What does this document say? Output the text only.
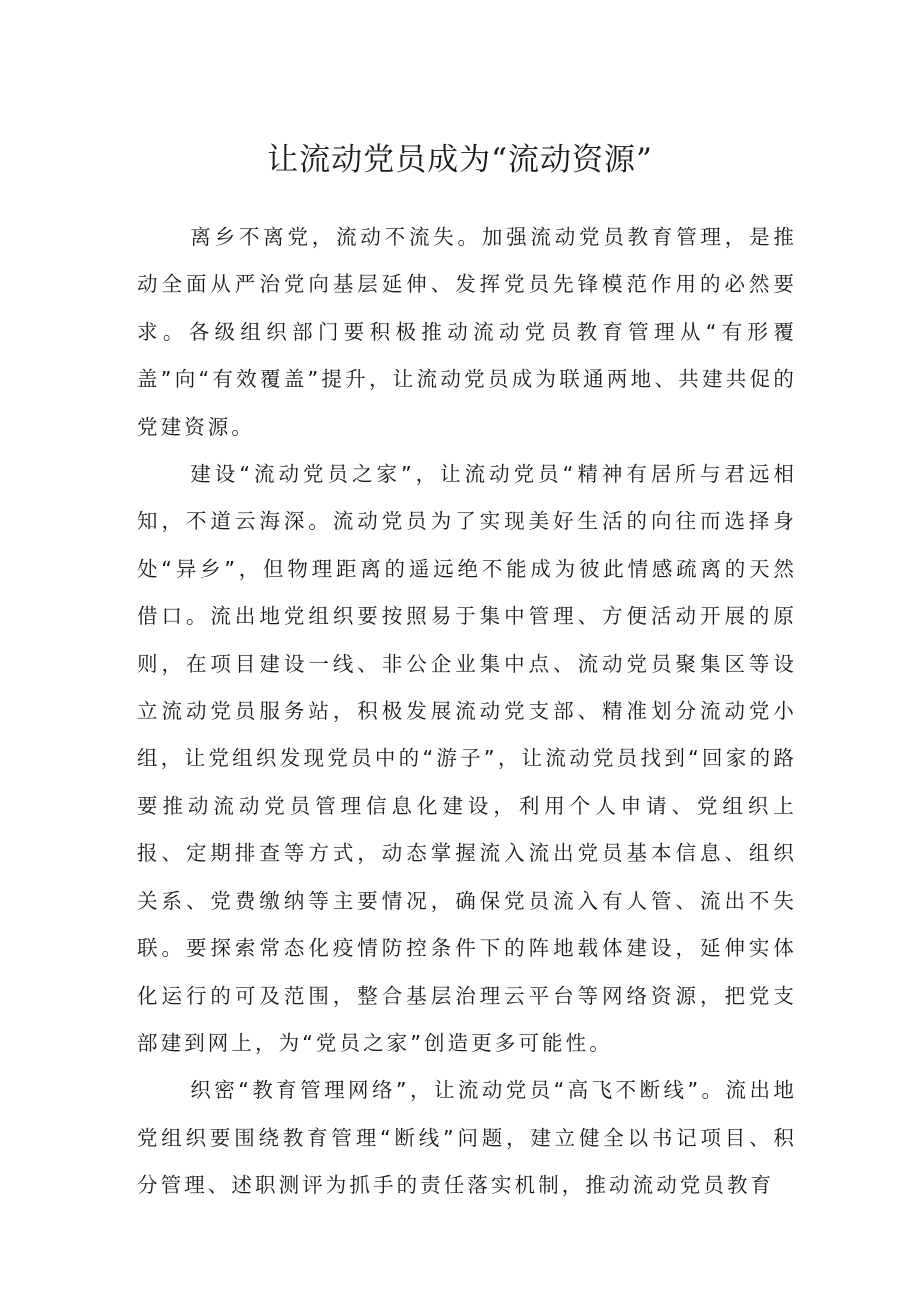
让流动党员成为“流动资源”

离乡不离党，流动不流失。加强流动党员教育管理，是推动全面从严治党向基层延伸、发挥党员先锋模范作用的必然要求。各级组织部门要积极推动流动党员教育管理从“有形覆盖”向“有效覆盖”提升，让流动党员成为联通两地、共建共促的党建资源。

建设“流动党员之家”，让流动党员“精神有居所与君远相知，不道云海深。流动党员为了实现美好生活的向往而选择身处“异乡”，但物理距离的遥远绝不能成为彼此情感疏离的天然借口。流出地党组织要按照易于集中管理、方便活动开展的原则，在项目建设一线、非公企业集中点、流动党员聚集区等设立流动党员服务站，积极发展流动党支部、精准划分流动党小组，让党组织发现党员中的“游子”，让流动党员找到“回家的路要推动流动党员管理信息化建设，利用个人申请、党组织上报、定期排查等方式，动态掌握流入流出党员基本信息、组织关系、党费缴纳等主要情况，确保党员流入有人管、流出不失联。要探索常态化疫情防控条件下的阵地载体建设，延伸实体化运行的可及范围，整合基层治理云平台等网络资源，把党支部建到网上，为“党员之家”创造更多可能性。

织密“教育管理网络”，让流动党员“高飞不断线”。流出地党组织要围绕教育管理“断线”问题，建立健全以书记项目、积分管理、述职测评为抓手的责任落实机制，推动流动党员教育
